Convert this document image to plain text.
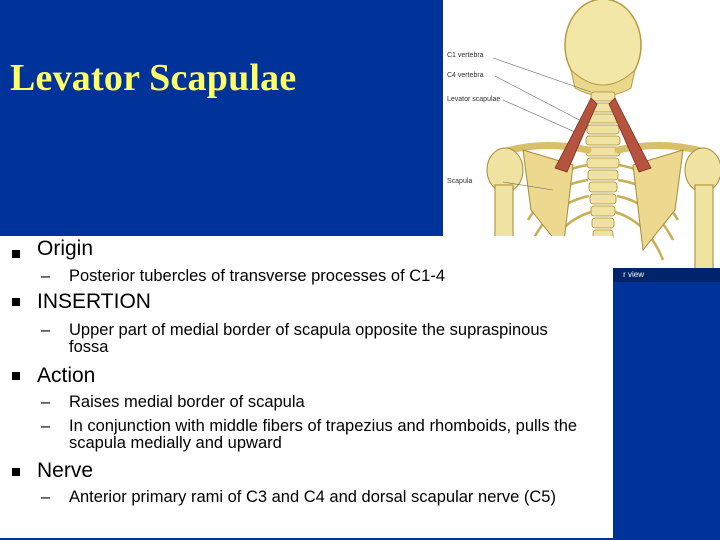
Levator Scapulae
C1 vertebra
C4 vertebra
Levator scapulae
Scapula
r view
Origin
–	Posterior tubercles of transverse processes of C1-4
INSERTION
–	Upper part of medial border of scapula opposite the supraspinous fossa
Action
–	Raises medial border of scapula
–	In conjunction with middle fibers of trapezius and rhomboids, pulls the scapula medially and upward
Nerve
–	Anterior primary rami of C3 and C4 and dorsal scapular nerve (C5)
